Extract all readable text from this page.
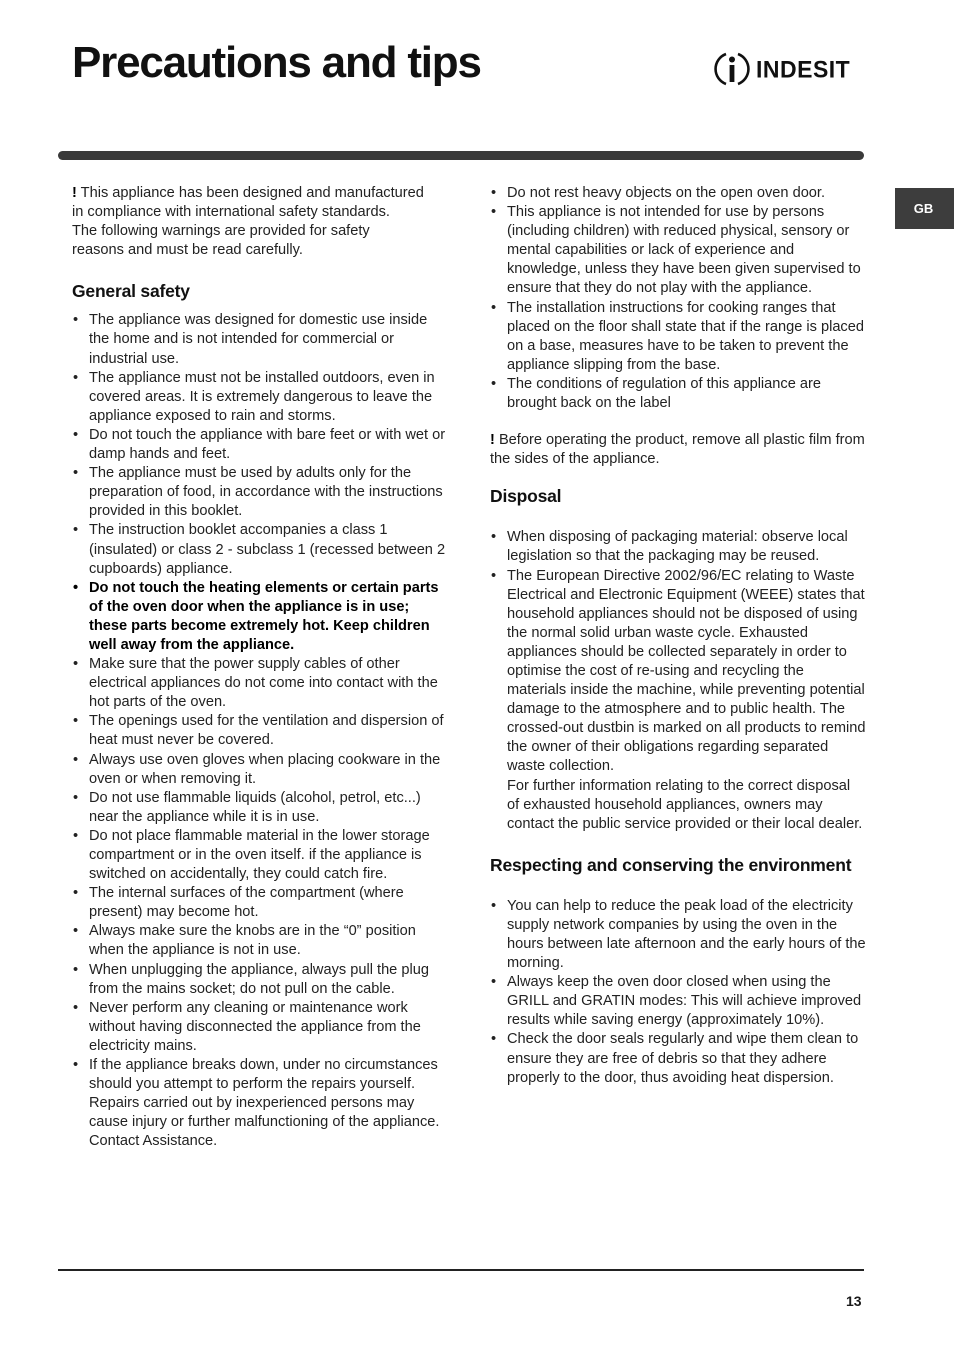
Precautions and tips	INDESIT
GB

! This appliance has been designed and manufactured

in compliance with international safety standards.

The following warnings are provided for safety

reasons and must be read carefully.

General safety
• The appliance was designed for domestic use inside the home and is not intended for commercial or industrial use.
• The appliance must not be installed outdoors, even in covered areas. It is extremely dangerous to leave the appliance exposed to rain and storms.
• Do not touch the appliance with bare feet or with wet or damp hands and feet.
• The appliance must be used by adults only for the preparation of food, in accordance with the instructions provided in this booklet.
• The instruction booklet accompanies a class 1 (insulated) or class 2 - subclass 1 (recessed between 2 cupboards) appliance.
• Do not touch the heating elements or certain parts of the oven door when the appliance is in use; these parts become extremely hot. Keep children well away from the appliance.
• Make sure that the power supply cables of other electrical appliances do not come into contact with the hot parts of the oven.
• The openings used for the ventilation and dispersion of heat must never be covered.
• Always use oven gloves when placing cookware in the oven or when removing it.
• Do not use flammable liquids (alcohol, petrol, etc...) near the appliance while it is in use.
• Do not place flammable material in the lower storage compartment or in the oven itself. if the appliance is switched on accidentally, they could catch fire.
• The internal surfaces of the compartment (where present) may become hot.
• Always make sure the knobs are in the “0” position when the appliance is not in use.
• When unplugging the appliance, always pull the plug from the mains socket; do not pull on the cable.
• Never perform any cleaning or maintenance work without having disconnected the appliance from the electricity mains.
• If the appliance breaks down, under no circumstances should you attempt to perform the repairs yourself. Repairs carried out by inexperienced persons may cause injury or further malfunctioning of the appliance. Contact Assistance.
• Do not rest heavy objects on the open oven door.
• This appliance is not intended for use by persons (including children) with reduced physical, sensory or mental capabilities or lack of experience and knowledge, unless they have been given supervised to ensure that they do not play with the appliance.
• The installation instructions for cooking ranges that placed on the floor shall state that if the range is placed on a base, measures have to be taken to prevent the appliance slipping from the base.
• The conditions of regulation of this appliance are brought back on the label

! Before operating the product, remove all plastic film from the sides of the appliance.

Disposal
• When disposing of packaging material: observe local legislation so that the packaging may be reused.
• The European Directive 2002/96/EC relating to Waste Electrical and Electronic Equipment (WEEE) states that household appliances should not be disposed of using the normal solid urban waste cycle. Exhausted appliances should be collected separately in order to optimise the cost of re-using and recycling the materials inside the machine, while preventing potential damage to the atmosphere and to public health. The crossed-out dustbin is marked on all products to remind the owner of their obligations regarding separated waste collection.

For further information relating to the correct disposal of exhausted household appliances, owners may contact the public service provided or their local dealer.

Respecting and conserving the environment
• You can help to reduce the peak load of the electricity supply network companies by using the oven in the hours between late afternoon and the early hours of the morning.
• Always keep the oven door closed when using the GRILL and GRATIN modes: This will achieve improved results while saving energy (approximately 10%).
• Check the door seals regularly and wipe them clean to ensure they are free of debris so that they adhere properly to the door, thus avoiding heat dispersion.
13
